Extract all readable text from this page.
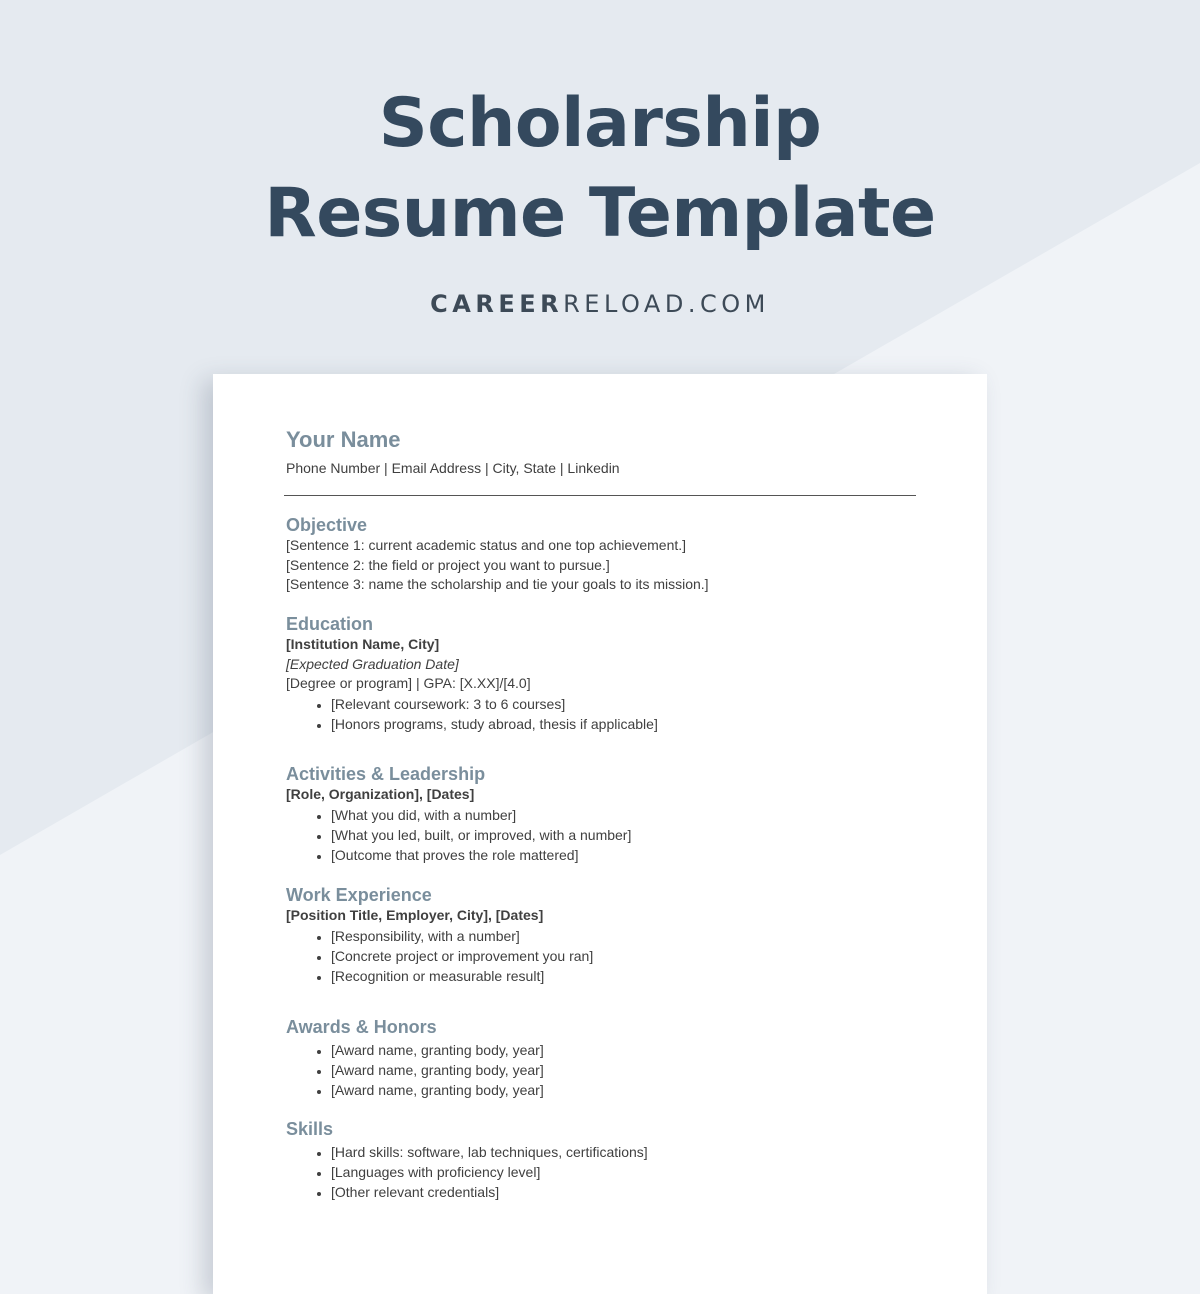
Scholarship
Resume Template
CAREERRELOAD.COM
Your Name
Phone Number | Email Address | City, State | Linkedin
Objective
[Sentence 1: current academic status and one top achievement.]
[Sentence 2: the field or project you want to pursue.]
[Sentence 3: name the scholarship and tie your goals to its mission.]
Education
[Institution Name, City]
[Expected Graduation Date]
[Degree or program] | GPA: [X.XX]/[4.0]
• [Relevant coursework: 3 to 6 courses]
• [Honors programs, study abroad, thesis if applicable]
Activities & Leadership
[Role, Organization], [Dates]
• [What you did, with a number]
• [What you led, built, or improved, with a number]
• [Outcome that proves the role mattered]
Work Experience
[Position Title, Employer, City], [Dates]
• [Responsibility, with a number]
• [Concrete project or improvement you ran]
• [Recognition or measurable result]
Awards & Honors
• [Award name, granting body, year]
• [Award name, granting body, year]
• [Award name, granting body, year]
Skills
• [Hard skills: software, lab techniques, certifications]
• [Languages with proficiency level]
• [Other relevant credentials]
